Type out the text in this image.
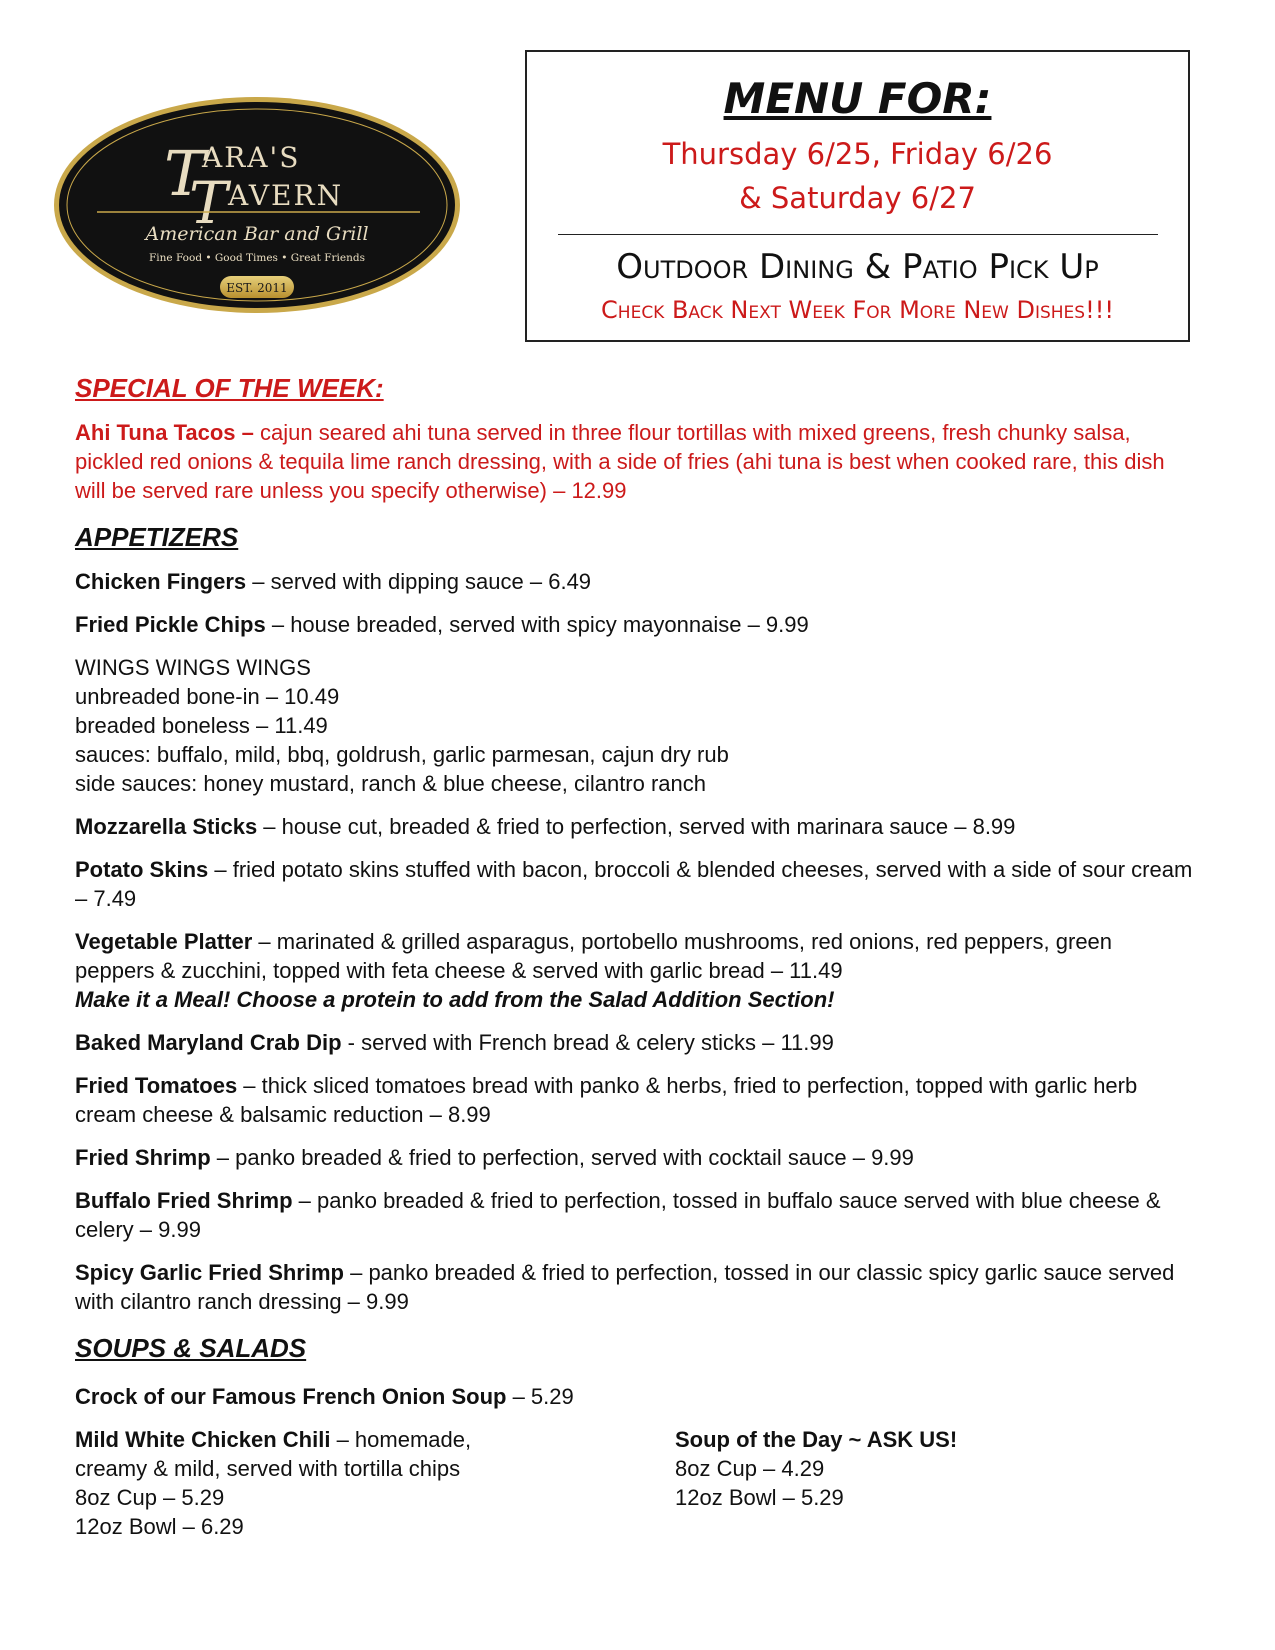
T
ARA'S
T AVERN
American Bar and Grill
Fine Food • Good Times • Great Friends
EST. 2011
MENU FOR:
Thursday 6/25, Friday 6/26
& Saturday 6/27
Outdoor Dining & Patio Pick Up
Check Back Next Week For More New Dishes!!!
SPECIAL OF THE WEEK:
Ahi Tuna Tacos – cajun seared ahi tuna served in three flour tortillas with mixed greens, fresh chunky salsa, pickled red onions & tequila lime ranch dressing, with a side of fries (ahi tuna is best when cooked rare, this dish will be served rare unless you specify otherwise) – 12.99
APPETIZERS
Chicken Fingers – served with dipping sauce – 6.49
Fried Pickle Chips – house breaded, served with spicy mayonnaise – 9.99
WINGS WINGS WINGS
unbreaded bone-in – 10.49
breaded boneless – 11.49
sauces: buffalo, mild, bbq, goldrush, garlic parmesan, cajun dry rub
side sauces: honey mustard, ranch & blue cheese, cilantro ranch
Mozzarella Sticks – house cut, breaded & fried to perfection, served with marinara sauce – 8.99
Potato Skins – fried potato skins stuffed with bacon, broccoli & blended cheeses, served with a side of sour cream – 7.49
Vegetable Platter – marinated & grilled asparagus, portobello mushrooms, red onions, red peppers, green peppers & zucchini, topped with feta cheese & served with garlic bread – 11.49
Make it a Meal! Choose a protein to add from the Salad Addition Section!
Baked Maryland Crab Dip - served with French bread & celery sticks – 11.99
Fried Tomatoes – thick sliced tomatoes bread with panko & herbs, fried to perfection, topped with garlic herb cream cheese & balsamic reduction – 8.99
Fried Shrimp – panko breaded & fried to perfection, served with cocktail sauce – 9.99
Buffalo Fried Shrimp – panko breaded & fried to perfection, tossed in buffalo sauce served with blue cheese & celery – 9.99
Spicy Garlic Fried Shrimp – panko breaded & fried to perfection, tossed in our classic spicy garlic sauce served with cilantro ranch dressing – 9.99
SOUPS & SALADS
Crock of our Famous French Onion Soup – 5.29
Mild White Chicken Chili – homemade, creamy & mild, served with tortilla chips
8oz Cup – 5.29
12oz Bowl – 6.29
Soup of the Day ~ ASK US!
8oz Cup – 4.29
12oz Bowl – 5.29
